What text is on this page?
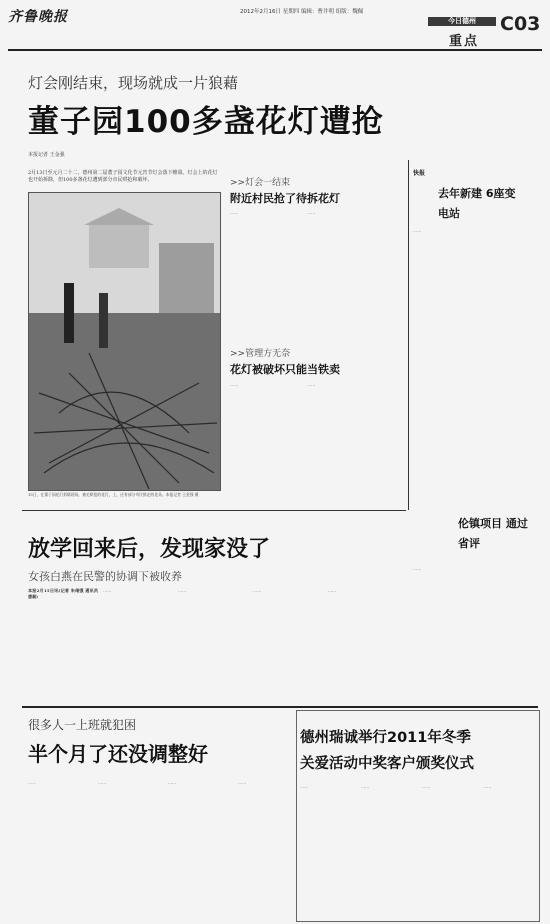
齐鲁晚报	2012年2月16日 星期四 编辑：曹井明 组版：魏佩
今日德州
重点
C03
灯会刚结束，现场就成一片狼藉
董子园100多盏花灯遭抢
本报记者 王金强
2月13日至元月二十二，德州第二届董子园文化节元宵节灯会落下帷幕。灯会上的花灯也开始拆除，但100多盏花灯遭到部分市民哄抢和破坏。
15日，在董子园花灯拆除现场，被毛哄抢的花灯，上，还有部分市民推走的花朵。本报记者 王金强 摄
>>灯会一结束
附近村民抢了待拆花灯
……	……
>>管理方无奈
花灯被破坏只能当铁卖
……	……
快报
去年新建 6座变电站
……
伦镇项目 通过省评
……
放学回来后，发现家没了
女孩白燕在民警的协调下被收养
本报2月15日讯(记者 朱绪强 通讯员 唐磊)
……	……	……	……
很多人一上班就犯困
半个月了还没调整好
……	……	……	……
德州瑞诚举行2011年冬季
关爱活动中奖客户颁奖仪式
……	……	……	……
